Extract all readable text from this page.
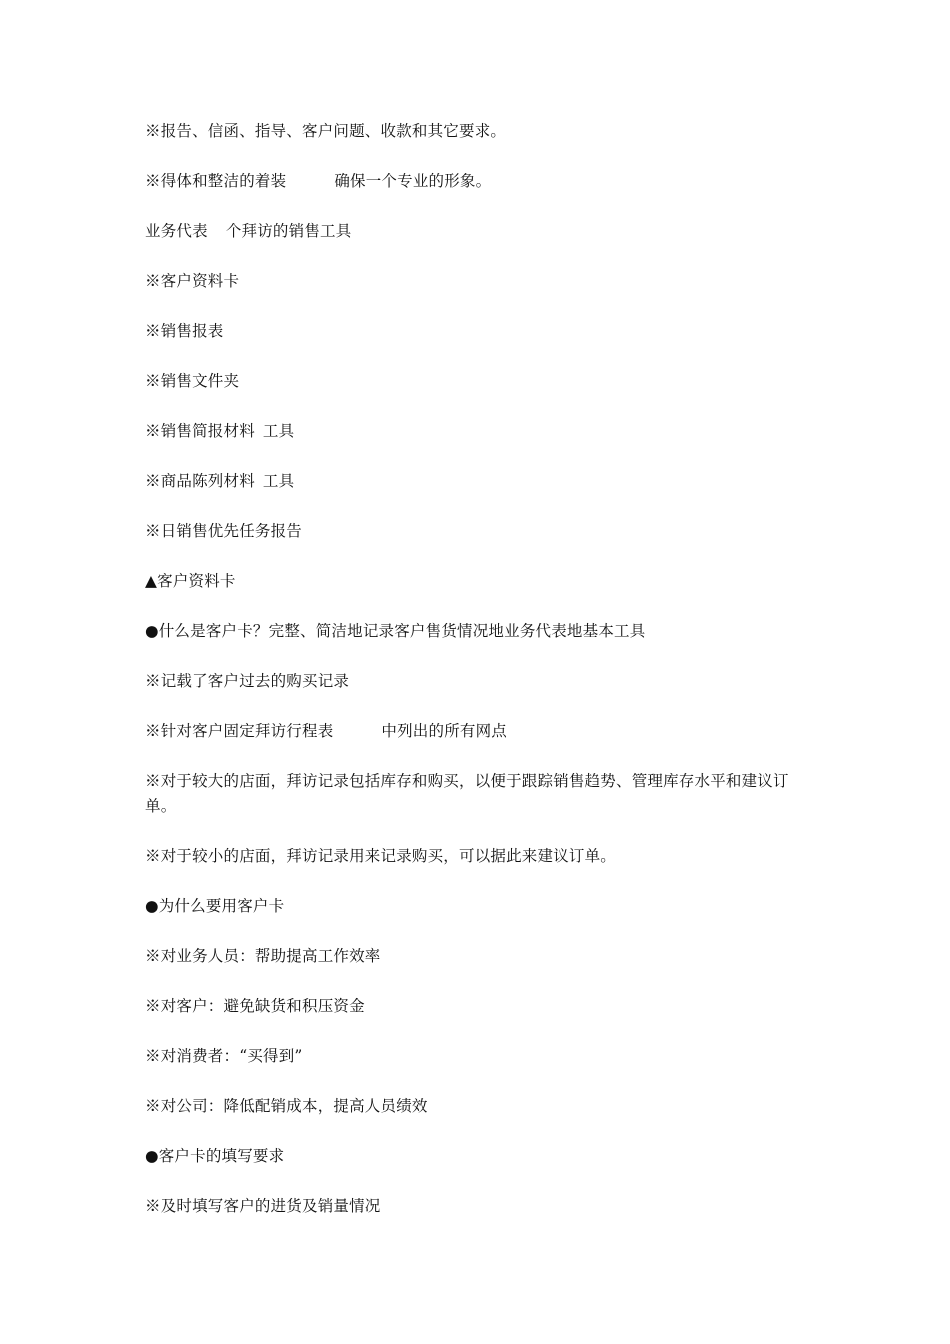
※报告、信函、指导、客户问题、收款和其它要求。
※得体和整洁的着装	确保一个专业的形象。
业务代表 个拜访的销售工具
※客户资料卡
※销售报表
※销售文件夹
※销售简报材料 工具
※商品陈列材料 工具
※日销售优先任务报告
▲客户资料卡
●什么是客户卡？完整、简洁地记录客户售货情况地业务代表地基本工具
※记载了客户过去的购买记录
※针对客户固定拜访行程表	中列出的所有网点
※对于较大的店面，拜访记录包括库存和购买，以便于跟踪销售趋势、管理库存水平和建议订单。
※对于较小的店面，拜访记录用来记录购买，可以据此来建议订单。
●为什么要用客户卡
※对业务人员：帮助提高工作效率
※对客户：避免缺货和积压资金
※对消费者：“买得到”
※对公司：降低配销成本，提高人员绩效
●客户卡的填写要求
※及时填写客户的进货及销量情况
